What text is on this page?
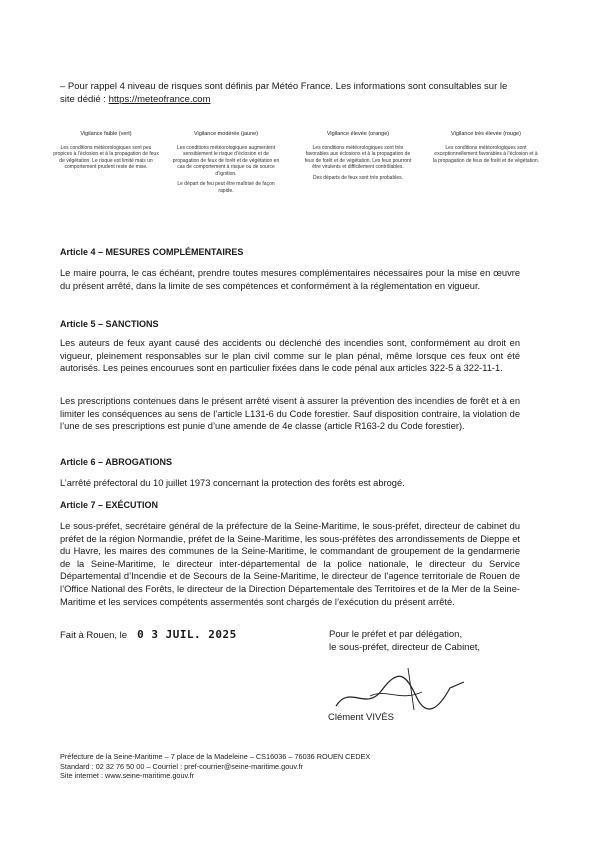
– Pour rappel 4 niveau de risques sont définis par Météo France. Les informations sont consultables sur le site dédié : https://meteofrance.com
Vigilance faible (vert)
Les conditions météorologiques sont peu propices à l’éclosion et à la propagation de feux de végétation. Le risque est limité mais un comportement prudent reste de mise.
Vigilance modérée (jaune)
Les conditions météorologiques augmentent sensiblement le risque d’éclosion et de propagation de feux de forêt et de végétation en cas de comportement à risque ou de source d’ignition.
Le départ de feu peut être maîtrisé de façon rapide.
Vigilance élevée (orange)
Les conditions météorologiques sont très favorables aux éclosions et à la propagation de feux de forêt et de végétation. Les feux pourront être virulents et difficilement contrôlables.
Des départs de feux sont très probables.
Vigilance très élevée (rouge)
Les conditions météorologiques sont exceptionnellement favorables à l’éclosion et à la propagation de feux de forêt et de végétation.
Article 4 – MESURES COMPLÉMENTAIRES
Le maire pourra, le cas échéant, prendre toutes mesures complémentaires nécessaires pour la mise en œuvre du présent arrêté, dans la limite de ses compétences et conformément à la réglementation en vigueur.
Article 5 – SANCTIONS
Les auteurs de feux ayant causé des accidents ou déclenché des incendies sont, conformément au droit en vigueur, pleinement responsables sur le plan civil comme sur le plan pénal, même lorsque ces feux ont été autorisés. Les peines encourues sont en particulier fixées dans le code pénal aux articles 322-5 à 322-11-1.
Les prescriptions contenues dans le présent arrêté visent à assurer la prévention des incendies de forêt et à en limiter les conséquences au sens de l’article L131-6 du Code forestier. Sauf disposition contraire, la violation de l’une de ses prescriptions est punie d’une amende de 4e classe (article R163-2 du Code forestier).
Article 6 – ABROGATIONS
L’arrêté préfectoral du 10 juillet 1973 concernant la protection des forêts est abrogé.
Article 7 – EXÉCUTION
Le sous-préfet, secrétaire général de la préfecture de la Seine-Maritime, le sous-préfet, directeur de cabinet du préfet de la région Normandie, préfet de la Seine-Maritime, les sous-préfètes des arrondissements de Dieppe et du Havre, les maires des communes de la Seine-Maritime, le commandant de groupement de la gendarmerie de la Seine-Maritime, le directeur inter-départemental de la police nationale, le directeur du Service Départemental d’Incendie et de Secours de la Seine-Maritime, le directeur de l’agence territoriale de Rouen de l’Office National des Forêts, le directeur de la Direction Départementale des Territoires et de la Mer de la Seine-Maritime et les services compétents assermentés sont chargés de l’exécution du présent arrêté.
Fait à Rouen, le 0 3 JUIL. 2025	Pour le préfet et par délégation,
le sous-préfet, directeur de Cabinet,
Clément VIVÈS
Préfecture de la Seine-Maritime – 7 place de la Madeleine – CS16036 – 76036 ROUEN CEDEX
Standard : 02 32 76 50 00 – Courriel : pref-courrier@seine-maritime.gouv.fr
Site internet : www.seine-maritime.gouv.fr
